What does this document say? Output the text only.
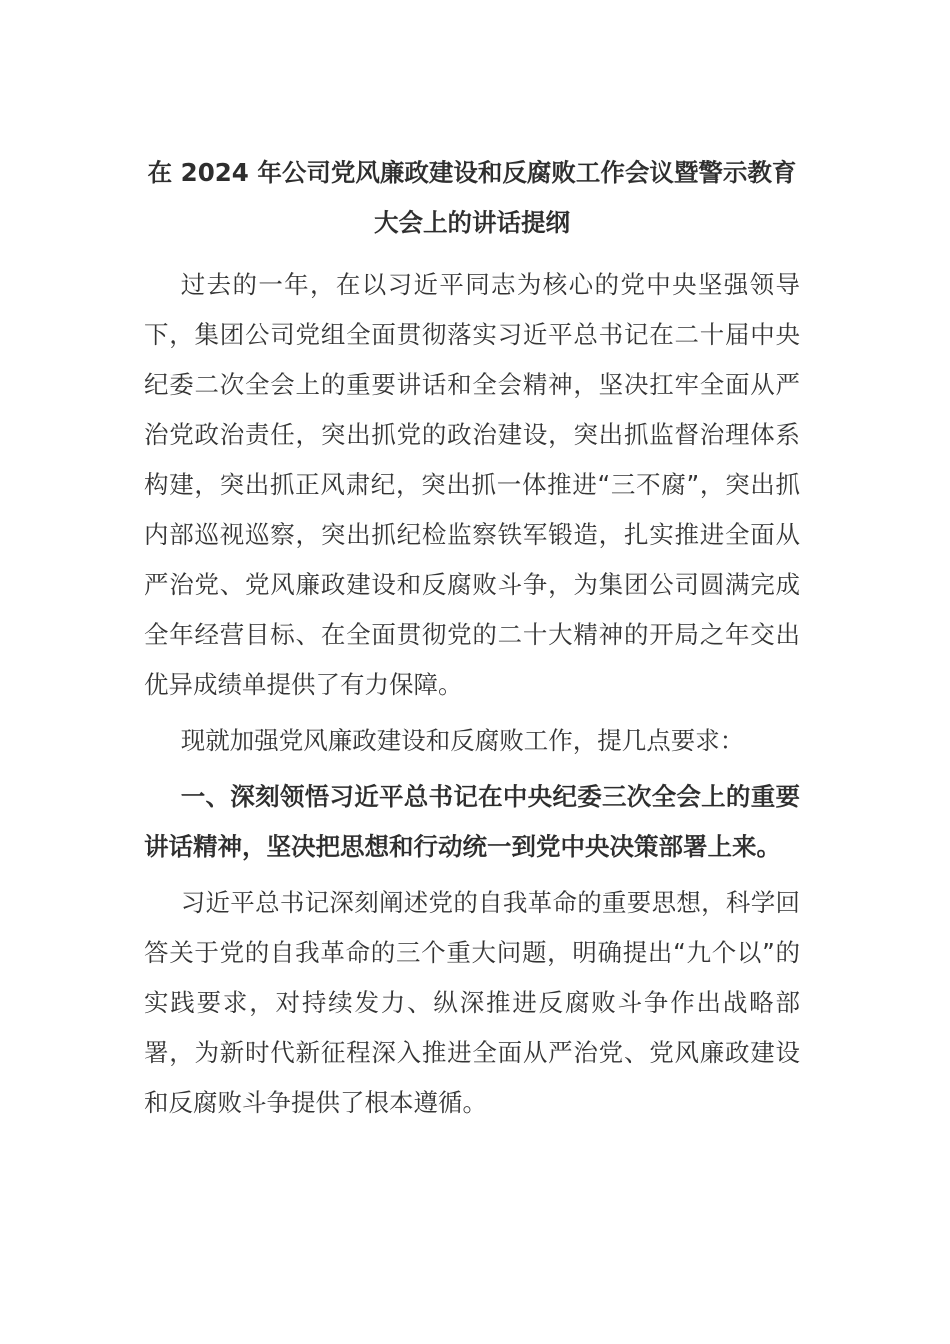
在 2024 年公司党风廉政建设和反腐败工作会议暨警示教育大会上的讲话提纲

过去的一年，在以习近平同志为核心的党中央坚强领导下，集团公司党组全面贯彻落实习近平总书记在二十届中央纪委二次全会上的重要讲话和全会精神，坚决扛牢全面从严治党政治责任，突出抓党的政治建设，突出抓监督治理体系构建，突出抓正风肃纪，突出抓一体推进“三不腐”，突出抓内部巡视巡察，突出抓纪检监察铁军锻造，扎实推进全面从严治党、党风廉政建设和反腐败斗争，为集团公司圆满完成全年经营目标、在全面贯彻党的二十大精神的开局之年交出优异成绩单提供了有力保障。

现就加强党风廉政建设和反腐败工作，提几点要求：

一、深刻领悟习近平总书记在中央纪委三次全会上的重要讲话精神，坚决把思想和行动统一到党中央决策部署上来。

习近平总书记深刻阐述党的自我革命的重要思想，科学回答关于党的自我革命的三个重大问题，明确提出“九个以”的实践要求，对持续发力、纵深推进反腐败斗争作出战略部署，为新时代新征程深入推进全面从严治党、党风廉政建设和反腐败斗争提供了根本遵循。
